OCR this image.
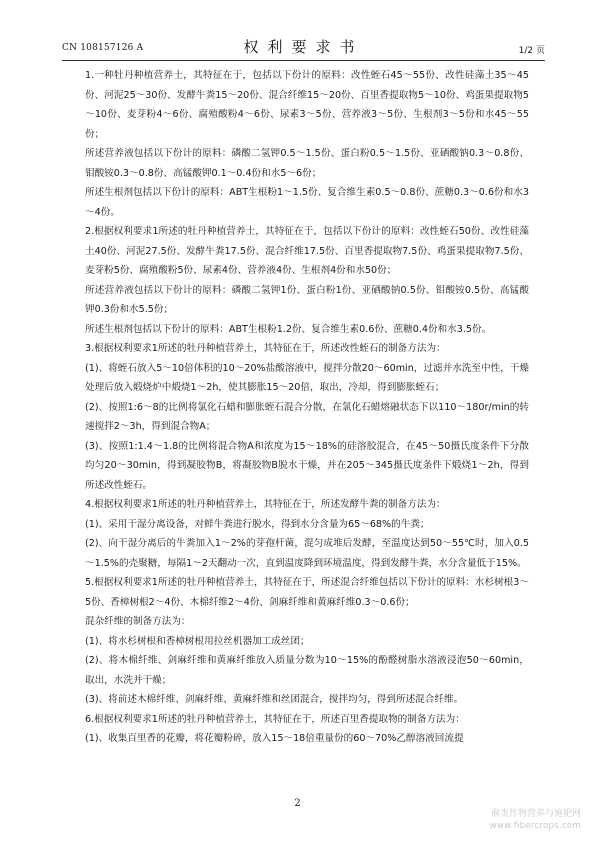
CN 108157126 A	权利要求书	1/2 页

1.一种牡丹种植营养土，其特征在于，包括以下份计的原料：改性蛭石45～55份、改性硅藻土35～45份、河泥25～30份、发酵牛粪15～20份、混合纤维15～20份、百里香提取物5～10份、鸡蛋果提取物5～10份、麦芽粉4～6份、腐殖酸粉4～6份、尿素3～5份、营养液3～5份、生根剂3～5份和水45～55份；

所述营养液包括以下份计的原料：磷酸二氢钾0.5～1.5份、蛋白粉0.5～1.5份、亚硒酸钠0.3～0.8份、钼酸铵0.3～0.8份、高锰酸钾0.1～0.4份和水5～6份；

所述生根剂包括以下份计的原料：ABT生根粉1～1.5份、复合维生素0.5～0.8份、蔗糖0.3～0.6份和水3～4份。

2.根据权利要求1所述的牡丹种植营养土，其特征在于，包括以下份计的原料：改性蛭石50份、改性硅藻土40份、河泥27.5份、发酵牛粪17.5份、混合纤维17.5份、百里香提取物7.5份、鸡蛋果提取物7.5份、麦芽粉5份、腐殖酸粉5份、尿素4份、营养液4份、生根剂4份和水50份；

所述营养液包括以下份计的原料：磷酸二氢钾1份、蛋白粉1份、亚硒酸钠0.5份、钼酸铵0.5份、高锰酸钾0.3份和水5.5份；

所述生根剂包括以下份计的原料：ABT生根粉1.2份、复合维生素0.6份、蔗糖0.4份和水3.5份。

3.根据权利要求1所述的牡丹种植营养土，其特征在于，所述改性蛭石的制备方法为：

(1)、将蛭石放入5～10倍体积的10～20%盐酸溶液中，搅拌分散20～60min，过滤并水洗至中性，干燥处理后放入煅烧炉中煅烧1～2h，使其膨胀15～20倍，取出，冷却，得到膨胀蛭石；

(2)、按照1:6～8的比例将氯化石蜡和膨胀蛭石混合分散，在氯化石蜡熔融状态下以110～180r/min的转速搅拌2～3h，得到混合物A；

(3)、按照1:1.4～1.8的比例将混合物A和浓度为15～18%的硅溶胶混合，在45～50摄氏度条件下分散均匀20～30min，得到凝胶物B，将凝胶物B脱水干燥，并在205～345摄氏度条件下煅烧1～2h，得到所述改性蛭石。

4.根据权利要求1所述的牡丹种植营养土，其特征在于，所述发酵牛粪的制备方法为：

(1)、采用干湿分离设备，对鲜牛粪进行脱水，得到水分含量为65～68%的牛粪；

(2)、向干湿分离后的牛粪加入1～2%的芽孢杆菌，混匀成堆后发酵，至温度达到50～55℃时，加入0.5～1.5%的壳聚糖，每隔1～2天翻动一次，直到温度降到环境温度，得到发酵牛粪，水分含量低于15%。

5.根据权利要求1所述的牡丹种植营养土，其特征在于，所述混合纤维包括以下份计的原料：水杉树根3～5份、香樟树根2～4份、木棉纤维2～4份、剑麻纤维和黄麻纤维0.3～0.6份；

混杂纤维的制备方法为：

(1)、将水杉树根和香樟树根用拉丝机器加工成丝团；

(2)、将木棉纤维、剑麻纤维和黄麻纤维放入质量分数为10～15%的酚醛树脂水溶液浸泡50～60min，取出，水洗并干燥；

(3)、将前述木棉纤维、剑麻纤维、黄麻纤维和丝团混合，搅拌均匀，得到所述混合纤维。

6.根据权利要求1所述的牡丹种植营养土，其特征在于，所述百里香提取物的制备方法为：

(1)、收集百里香的花瓣，将花瓣粉碎，放入15～18倍重量份的60～70%乙醇溶液回流提

2
麻类作物营养与施肥网
www.fibercrops.com
